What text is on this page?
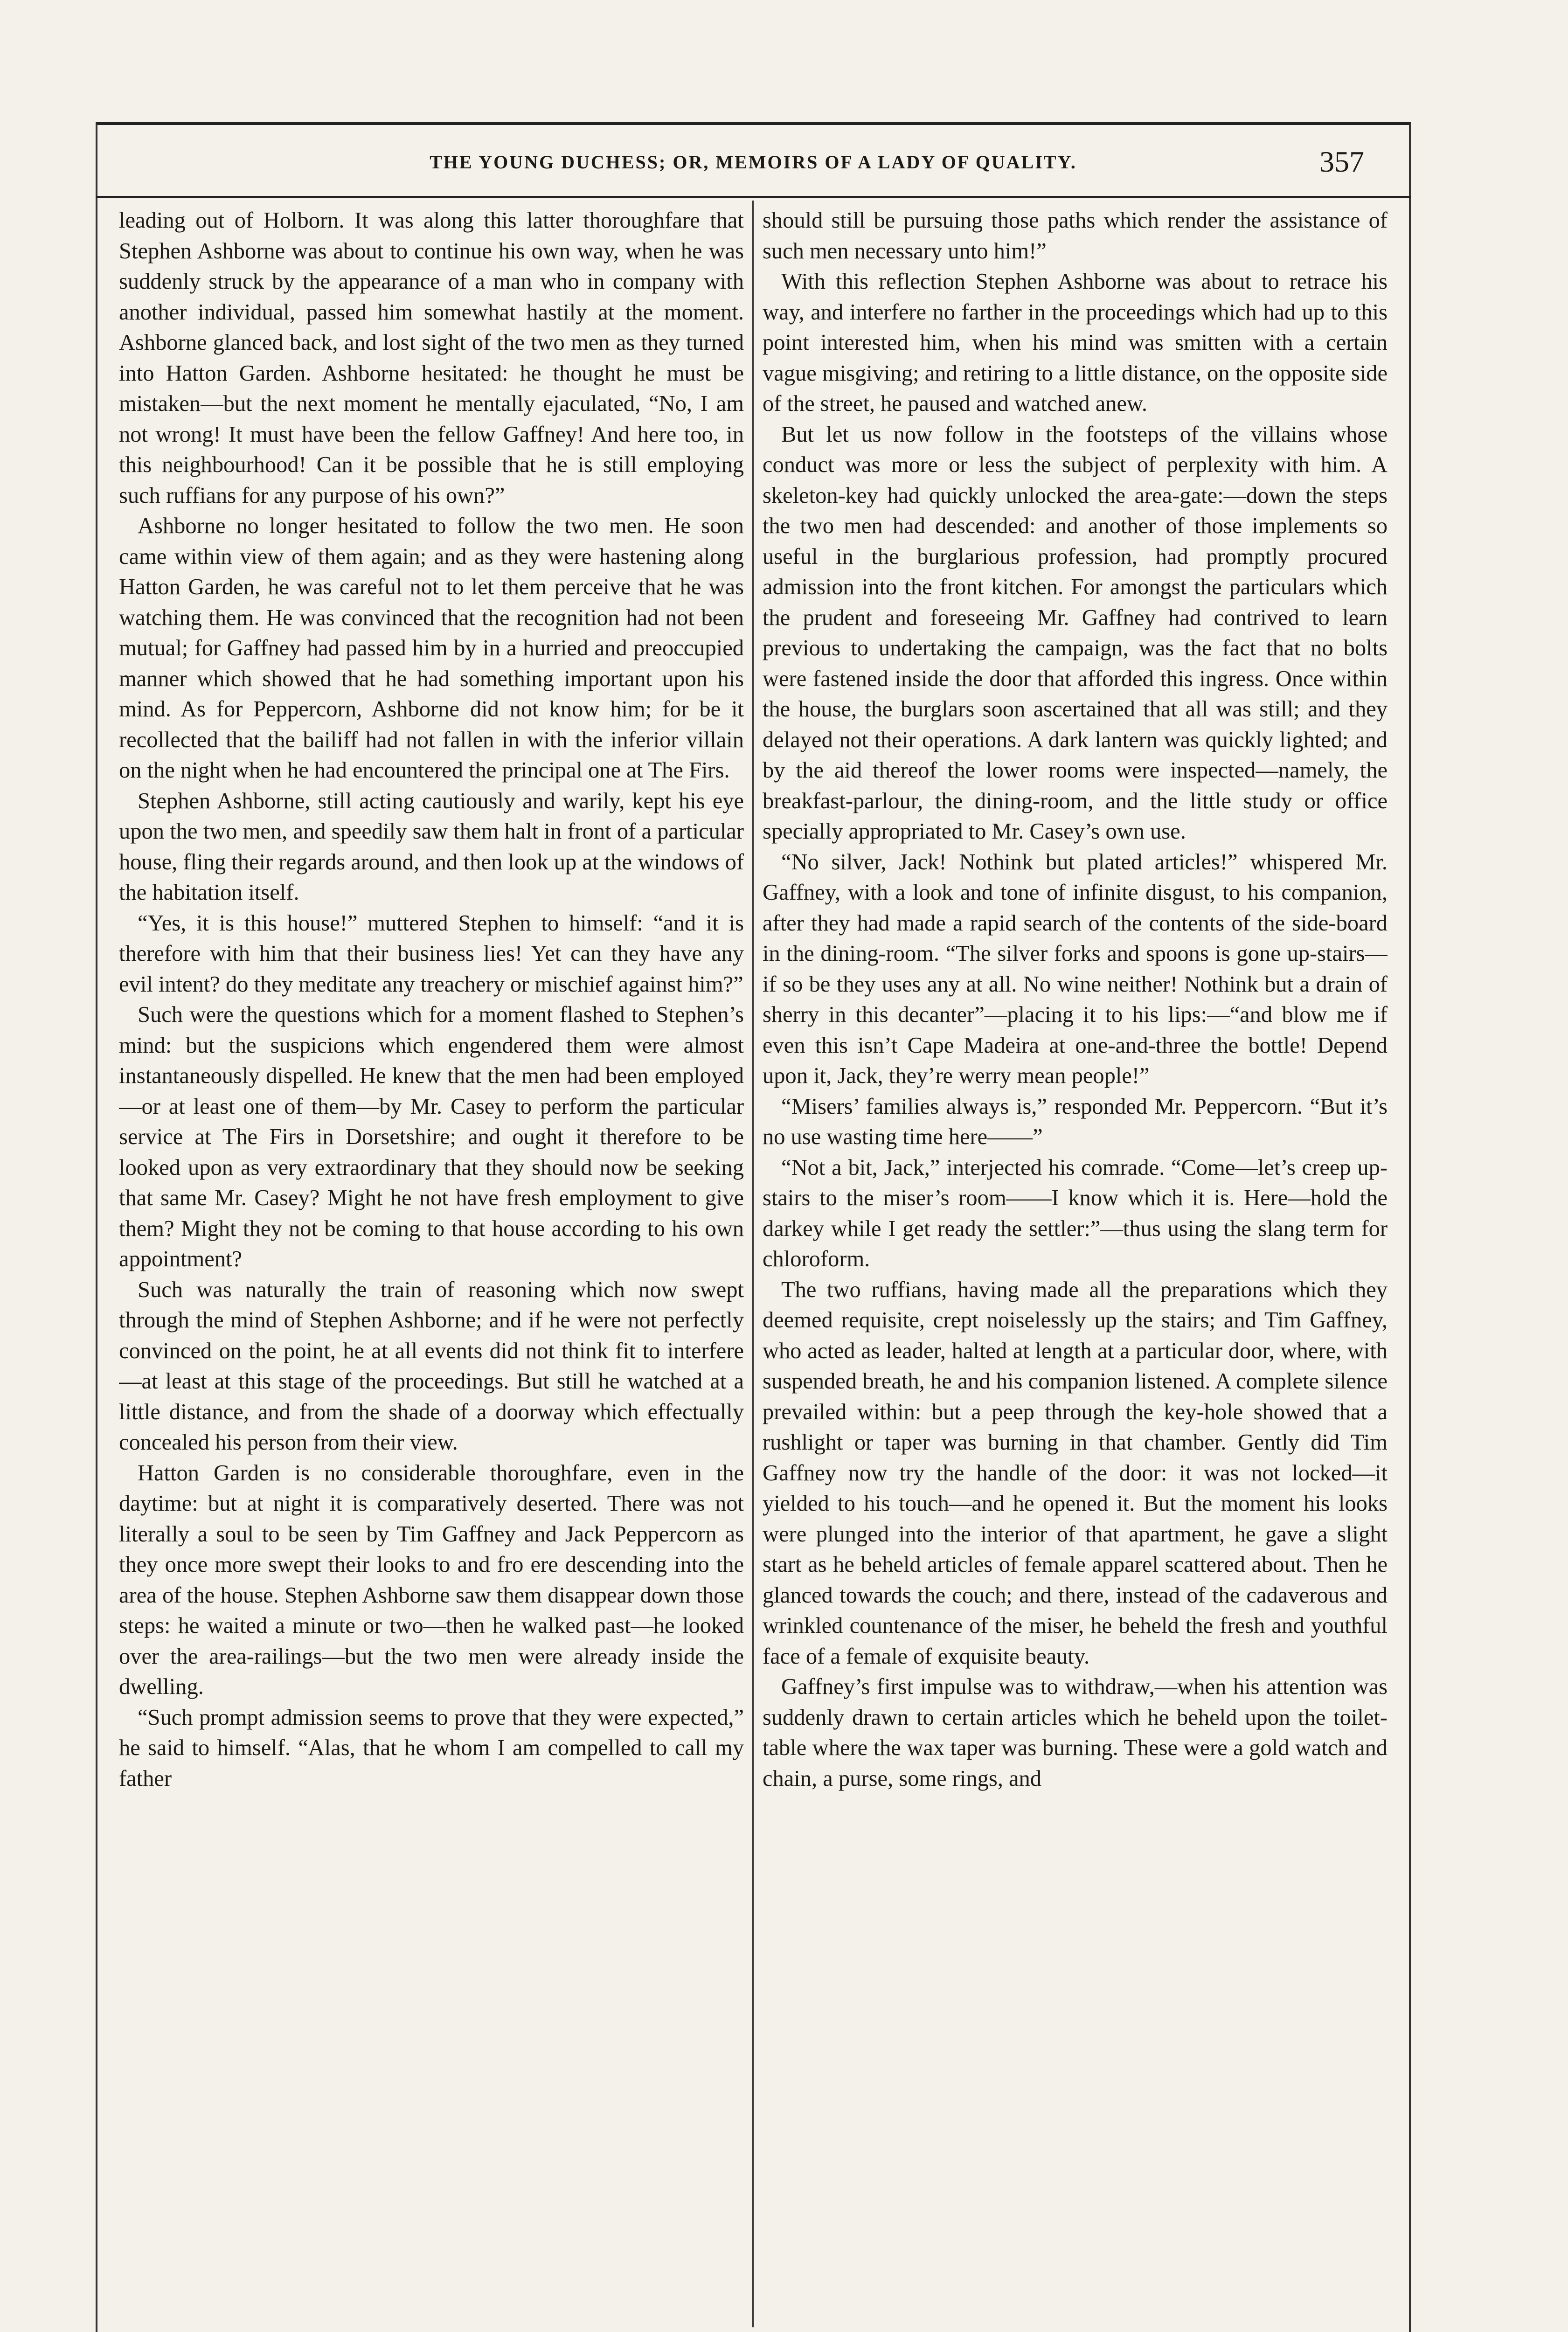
THE YOUNG DUCHESS; OR, MEMOIRS OF A LADY OF QUALITY.	357

leading out of Holborn. It was along this latter thoroughfare that Stephen Ashborne was about to continue his own way, when he was suddenly struck by the appearance of a man who in company with another individual, passed him somewhat hastily at the moment. Ashborne glanced back, and lost sight of the two men as they turned into Hatton Garden. Ashborne hesitated: he thought he must be mistaken—but the next moment he mentally ejaculated, “No, I am not wrong! It must have been the fellow Gaffney! And here too, in this neighbourhood! Can it be possible that he is still employing such ruffians for any purpose of his own?”

Ashborne no longer hesitated to follow the two men. He soon came within view of them again; and as they were hastening along Hatton Garden, he was careful not to let them perceive that he was watching them. He was convinced that the recognition had not been mutual; for Gaffney had passed him by in a hurried and preoccupied manner which showed that he had something important upon his mind. As for Peppercorn, Ashborne did not know him; for be it recollected that the bailiff had not fallen in with the inferior villain on the night when he had encountered the principal one at The Firs.

Stephen Ashborne, still acting cautiously and warily, kept his eye upon the two men, and speedily saw them halt in front of a particular house, fling their regards around, and then look up at the windows of the habitation itself.

“Yes, it is this house!” muttered Stephen to himself: “and it is therefore with him that their business lies! Yet can they have any evil intent? do they meditate any treachery or mischief against him?”

Such were the questions which for a moment flashed to Stephen’s mind: but the suspicions which engendered them were almost instantaneously dispelled. He knew that the men had been employed—or at least one of them—by Mr. Casey to perform the particular service at The Firs in Dorsetshire; and ought it therefore to be looked upon as very extraordinary that they should now be seeking that same Mr. Casey? Might he not have fresh employment to give them? Might they not be coming to that house according to his own appointment?

Such was naturally the train of reasoning which now swept through the mind of Stephen Ashborne; and if he were not perfectly convinced on the point, he at all events did not think fit to interfere—at least at this stage of the proceedings. But still he watched at a little distance, and from the shade of a doorway which effectually concealed his person from their view.

Hatton Garden is no considerable thoroughfare, even in the daytime: but at night it is comparatively deserted. There was not literally a soul to be seen by Tim Gaffney and Jack Peppercorn as they once more swept their looks to and fro ere descending into the area of the house. Stephen Ashborne saw them disappear down those steps: he waited a minute or two—then he walked past—he looked over the area-railings—but the two men were already inside the dwelling.

“Such prompt admission seems to prove that they were expected,” he said to himself. “Alas, that he whom I am compelled to call my father

should still be pursuing those paths which render the assistance of such men necessary unto him!”

With this reflection Stephen Ashborne was about to retrace his way, and interfere no farther in the proceedings which had up to this point interested him, when his mind was smitten with a certain vague misgiving; and retiring to a little distance, on the opposite side of the street, he paused and watched anew.

But let us now follow in the footsteps of the villains whose conduct was more or less the subject of perplexity with him. A skeleton-key had quickly unlocked the area-gate:—down the steps the two men had descended: and another of those implements so useful in the burglarious profession, had promptly procured admission into the front kitchen. For amongst the particulars which the prudent and foreseeing Mr. Gaffney had contrived to learn previous to undertaking the campaign, was the fact that no bolts were fastened inside the door that afforded this ingress. Once within the house, the burglars soon ascertained that all was still; and they delayed not their operations. A dark lantern was quickly lighted; and by the aid thereof the lower rooms were inspected—namely, the breakfast-parlour, the dining-room, and the little study or office specially appropriated to Mr. Casey’s own use.

“No silver, Jack! Nothink but plated articles!” whispered Mr. Gaffney, with a look and tone of infinite disgust, to his companion, after they had made a rapid search of the contents of the side-board in the dining-room. “The silver forks and spoons is gone up-stairs—if so be they uses any at all. No wine neither! Nothink but a drain of sherry in this decanter”—placing it to his lips:—“and blow me if even this isn’t Cape Madeira at one-and-three the bottle! Depend upon it, Jack, they’re werry mean people!”

“Misers’ families always is,” responded Mr. Peppercorn. “But it’s no use wasting time here——”

“Not a bit, Jack,” interjected his comrade. “Come—let’s creep up-stairs to the miser’s room——I know which it is. Here—hold the darkey while I get ready the settler:”—thus using the slang term for chloroform.

The two ruffians, having made all the preparations which they deemed requisite, crept noiselessly up the stairs; and Tim Gaffney, who acted as leader, halted at length at a particular door, where, with suspended breath, he and his companion listened. A complete silence prevailed within: but a peep through the key-hole showed that a rushlight or taper was burning in that chamber. Gently did Tim Gaffney now try the handle of the door: it was not locked—it yielded to his touch—and he opened it. But the moment his looks were plunged into the interior of that apartment, he gave a slight start as he beheld articles of female apparel scattered about. Then he glanced towards the couch; and there, instead of the cadaverous and wrinkled countenance of the miser, he beheld the fresh and youthful face of a female of exquisite beauty.

Gaffney’s first impulse was to withdraw,—when his attention was suddenly drawn to certain articles which he beheld upon the toilet-table where the wax taper was burning. These were a gold watch and chain, a purse, some rings, and
